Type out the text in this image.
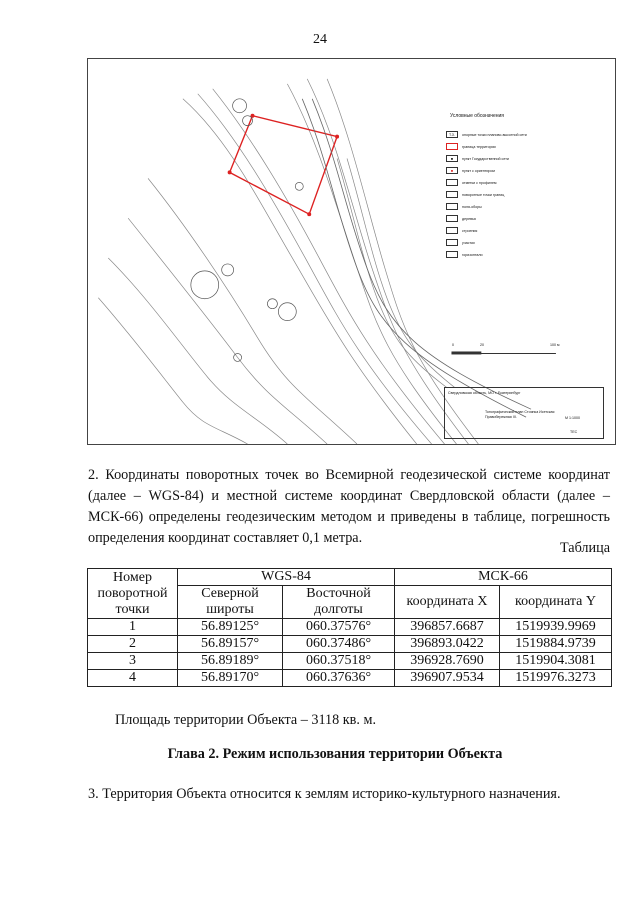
24
Условные обозначения
Т.З.	опорные точки планово-высотной сети
граница территории
■	пункт Государственной сети
■	пункт с ориентиром
отметки с профилем
поворотные точки границ
поля-оборы
деревья
строения
участки
горизонтали
0	20	100 м
Свердловская область, МО г. Екатеринбург
Топографический план Стоянка Исетская Правобережная III.	М 1:1000
ТЕС
2. Координаты поворотных точек во Всемирной геодезической системе координат (далее – WGS-84) и местной системе координат Свердловской области (далее – МСК-66) определены геодезическим методом и приведены в таблице, погрешность определения координат составляет 0,1 метра.
Таблица
Номер поворотной точки	WGS-84		МСК-66	
	Северной широты	Восточной долготы	координата X	координата Y
1	56.89125°	060.37576°	396857.6687	1519939.9969
2	56.89157°	060.37486°	396893.0422	1519884.9739
3	56.89189°	060.37518°	396928.7690	1519904.3081
4	56.89170°	060.37636°	396907.9534	1519976.3273
Площадь территории Объекта – 3118 кв. м.
Глава 2. Режим использования территории Объекта
3. Территория Объекта относится к землям историко-культурного назначения.
